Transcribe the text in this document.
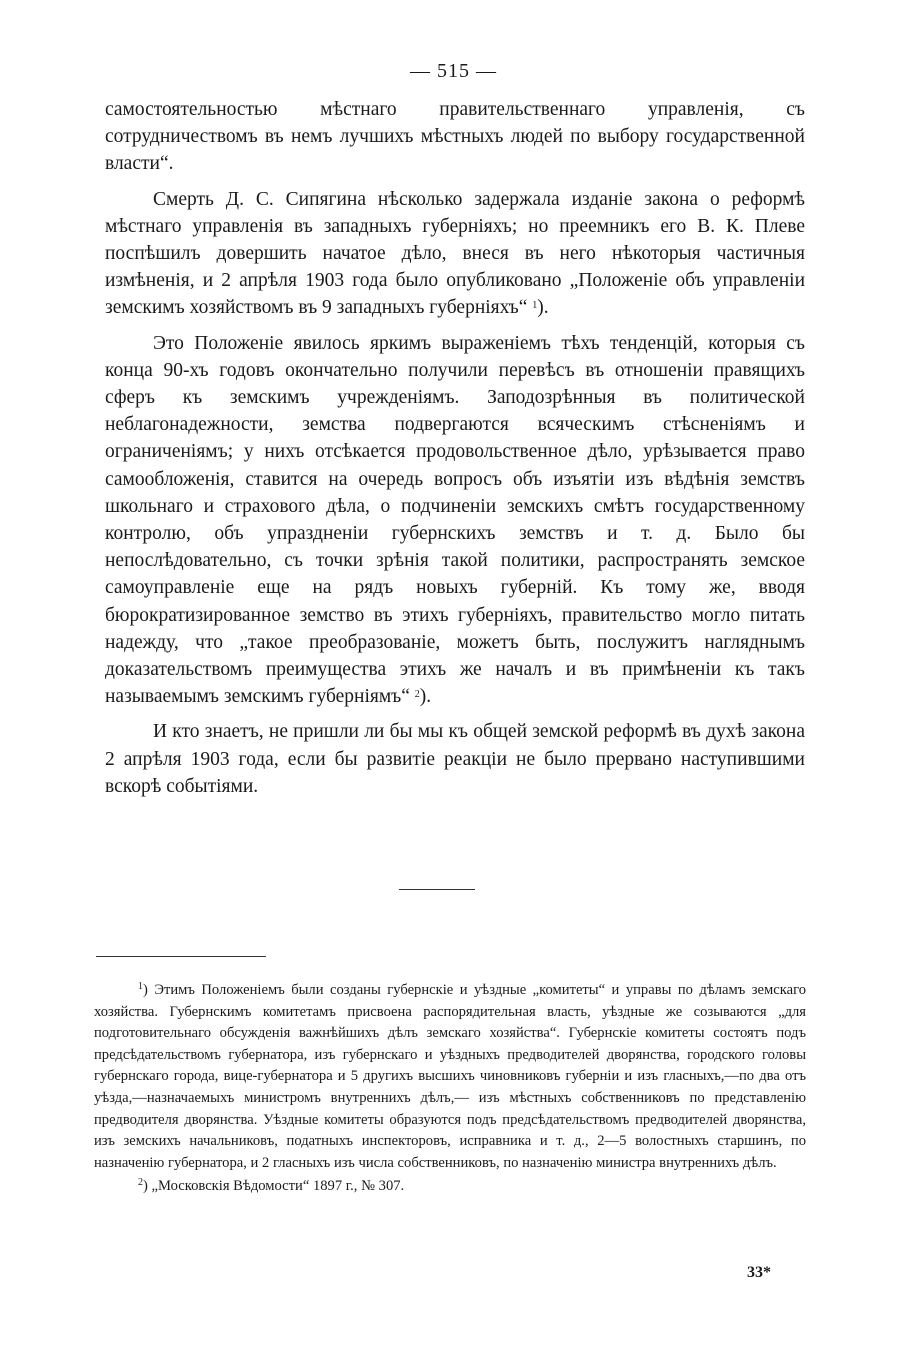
— 515 —

самостоятельностью мѣстнаго правительственнаго управленія, съ сотрудничествомъ въ немъ лучшихъ мѣстныхъ людей по выбору государственной власти“.

Смерть Д. С. Сипягина нѣсколько задержала изданіе закона о реформѣ мѣстнаго управленія въ западныхъ губерніяхъ; но преемникъ его В. К. Плеве поспѣшилъ довершить начатое дѣло, внеся въ него нѣкоторыя частичныя измѣненія, и 2 апрѣля 1903 года было опубликовано „Положеніе объ управленіи земскимъ хозяйствомъ въ 9 западныхъ губерніяхъ“ $^1$).

Это Положеніе явилось яркимъ выраженіемъ тѣхъ тенденцій, которыя съ конца 90-хъ годовъ окончательно получили перевѣсъ въ отношеніи правящихъ сферъ къ земскимъ учрежденіямъ. Заподозрѣнныя въ политической неблагонадежности, земства подвергаются всяческимъ стѣсненіямъ и ограниченіямъ; у нихъ отсѣкается продовольственное дѣло, урѣзывается право самообложенія, ставится на очередь вопросъ объ изъятіи изъ вѣдѣнія земствъ школьнаго и страхового дѣла, о подчиненіи земскихъ смѣтъ государственному контролю, объ упраздненіи губернскихъ земствъ и т. д. Было бы непослѣдовательно, съ точки зрѣнія такой политики, распространять земское самоуправленіе еще на рядъ новыхъ губерній. Къ тому же, вводя бюрократизированное земство въ этихъ губерніяхъ, правительство могло питать надежду, что „такое преобразованіе, можетъ быть, послужитъ нагляднымъ доказательствомъ преимущества этихъ же началъ и въ примѣненіи къ такъ называемымъ земскимъ губерніямъ“ $^2$).

И кто знаетъ, не пришли ли бы мы къ общей земской реформѣ въ духѣ закона 2 апрѣля 1903 года, если бы развитіе реакціи не было прервано наступившими вскорѣ событіями.

$^1$) Этимъ Положеніемъ были созданы губернскіе и уѣздные „комитеты“ и управы по дѣламъ земскаго хозяйства. Губернскимъ комитетамъ присвоена распорядительная власть, уѣздные же созываются „для подготовительнаго обсужденія важнѣйшихъ дѣлъ земскаго хозяйства“. Губернскіе комитеты состоятъ подъ предсѣдательствомъ губернатора, изъ губернскаго и уѣздныхъ предводителей дворянства, городского головы губернскаго города, вице-губернатора и 5 другихъ высшихъ чиновниковъ губерніи и изъ гласныхъ,—по два отъ уѣзда,—назначаемыхъ министромъ внутреннихъ дѣлъ,— изъ мѣстныхъ собственниковъ по представленію предводителя дворянства. Уѣздные комитеты образуются подъ предсѣдательствомъ предводителей дворянства, изъ земскихъ начальниковъ, податныхъ инспекторовъ, исправника и т. д., 2—5 волостныхъ старшинъ, по назначенію губернатора, и 2 гласныхъ изъ числа собственниковъ, по назначенію министра внутреннихъ дѣлъ.

$^2$) „Московскія Вѣдомости“ 1897 г., № 307.

33*
